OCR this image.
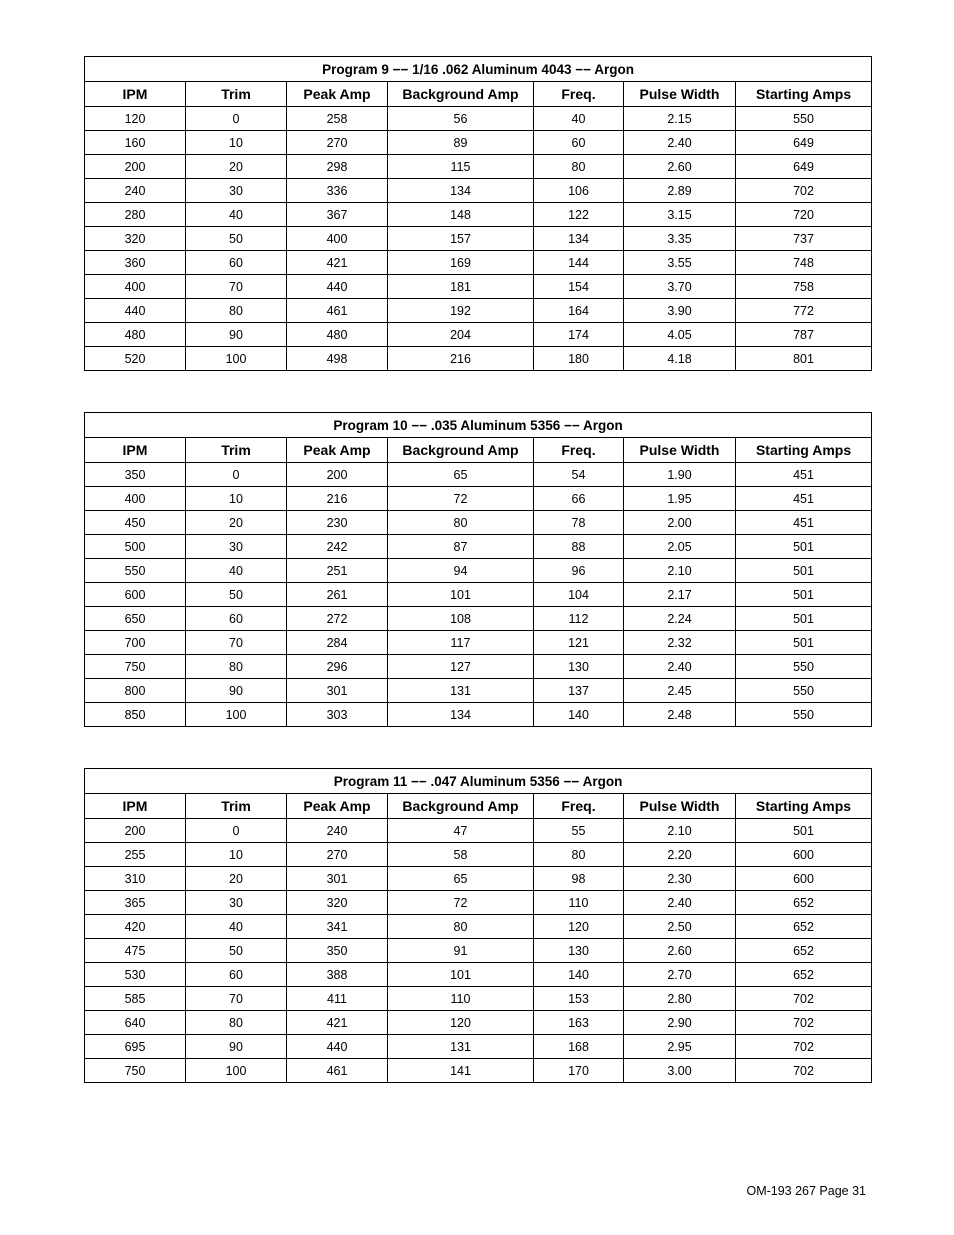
Program 9 −− 1/16 .062 Aluminum 4043 −− Argon						
IPM	Trim	Peak Amp	Background Amp	Freq.	Pulse Width	Starting Amps
120	0	258	56	40	2.15	550
160	10	270	89	60	2.40	649
200	20	298	115	80	2.60	649
240	30	336	134	106	2.89	702
280	40	367	148	122	3.15	720
320	50	400	157	134	3.35	737
360	60	421	169	144	3.55	748
400	70	440	181	154	3.70	758
440	80	461	192	164	3.90	772
480	90	480	204	174	4.05	787
520	100	498	216	180	4.18	801
Program 10 −− .035 Aluminum 5356 −− Argon						
IPM	Trim	Peak Amp	Background Amp	Freq.	Pulse Width	Starting Amps
350	0	200	65	54	1.90	451
400	10	216	72	66	1.95	451
450	20	230	80	78	2.00	451
500	30	242	87	88	2.05	501
550	40	251	94	96	2.10	501
600	50	261	101	104	2.17	501
650	60	272	108	112	2.24	501
700	70	284	117	121	2.32	501
750	80	296	127	130	2.40	550
800	90	301	131	137	2.45	550
850	100	303	134	140	2.48	550
Program 11 −− .047 Aluminum 5356 −− Argon						
IPM	Trim	Peak Amp	Background Amp	Freq.	Pulse Width	Starting Amps
200	0	240	47	55	2.10	501
255	10	270	58	80	2.20	600
310	20	301	65	98	2.30	600
365	30	320	72	110	2.40	652
420	40	341	80	120	2.50	652
475	50	350	91	130	2.60	652
530	60	388	101	140	2.70	652
585	70	411	110	153	2.80	702
640	80	421	120	163	2.90	702
695	90	440	131	168	2.95	702
750	100	461	141	170	3.00	702
OM-193 267 Page 31
